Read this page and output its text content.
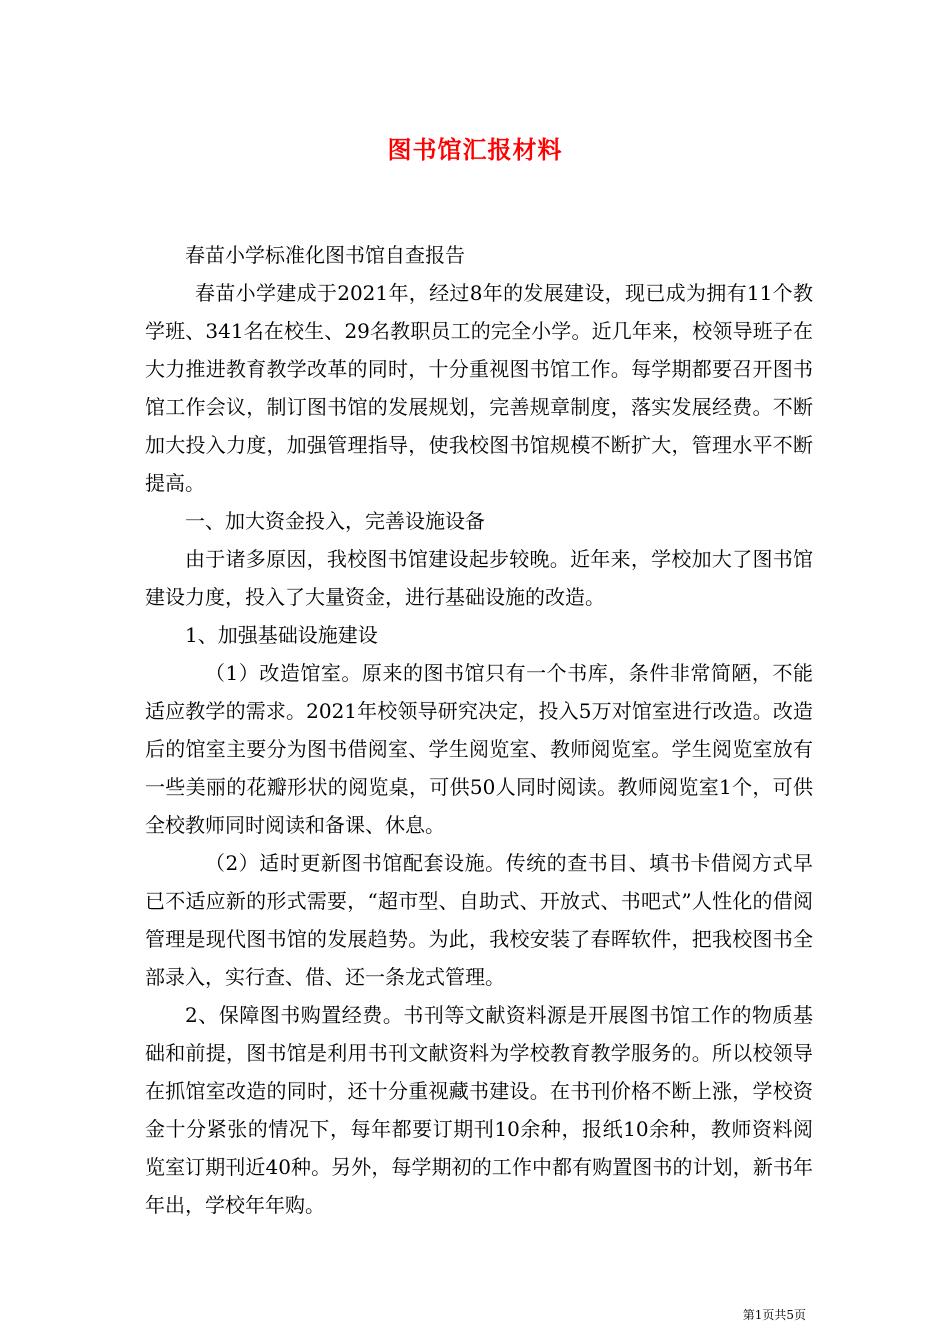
图书馆汇报材料

春苗小学标准化图书馆自查报告

春苗小学建成于2021年，经过8年的发展建设，现已成为拥有11个教学班、341名在校生、29名教职员工的完全小学。近几年来，校领导班子在大力推进教育教学改革的同时，十分重视图书馆工作。每学期都要召开图书馆工作会议，制订图书馆的发展规划，完善规章制度，落实发展经费。不断加大投入力度，加强管理指导，使我校图书馆规模不断扩大，管理水平不断提高。

一、加大资金投入，完善设施设备

由于诸多原因，我校图书馆建设起步较晚。近年来，学校加大了图书馆建设力度，投入了大量资金，进行基础设施的改造。

1、加强基础设施建设

（1）改造馆室。原来的图书馆只有一个书库，条件非常简陋，不能适应教学的需求。2021年校领导研究决定，投入5万对馆室进行改造。改造后的馆室主要分为图书借阅室、学生阅览室、教师阅览室。学生阅览室放有一些美丽的花瓣形状的阅览桌，可供50人同时阅读。教师阅览室1个，可供全校教师同时阅读和备课、休息。

（2）适时更新图书馆配套设施。传统的查书目、填书卡借阅方式早已不适应新的形式需要，“超市型、自助式、开放式、书吧式”人性化的借阅管理是现代图书馆的发展趋势。为此，我校安装了春晖软件，把我校图书全部录入，实行查、借、还一条龙式管理。

2、保障图书购置经费。书刊等文献资料源是开展图书馆工作的物质基础和前提，图书馆是利用书刊文献资料为学校教育教学服务的。所以校领导在抓馆室改造的同时，还十分重视藏书建设。在书刊价格不断上涨，学校资金十分紧张的情况下，每年都要订期刊10余种，报纸10余种，教师资料阅览室订期刊近40种。另外，每学期初的工作中都有购置图书的计划，新书年年出，学校年年购。

第1页共5页
